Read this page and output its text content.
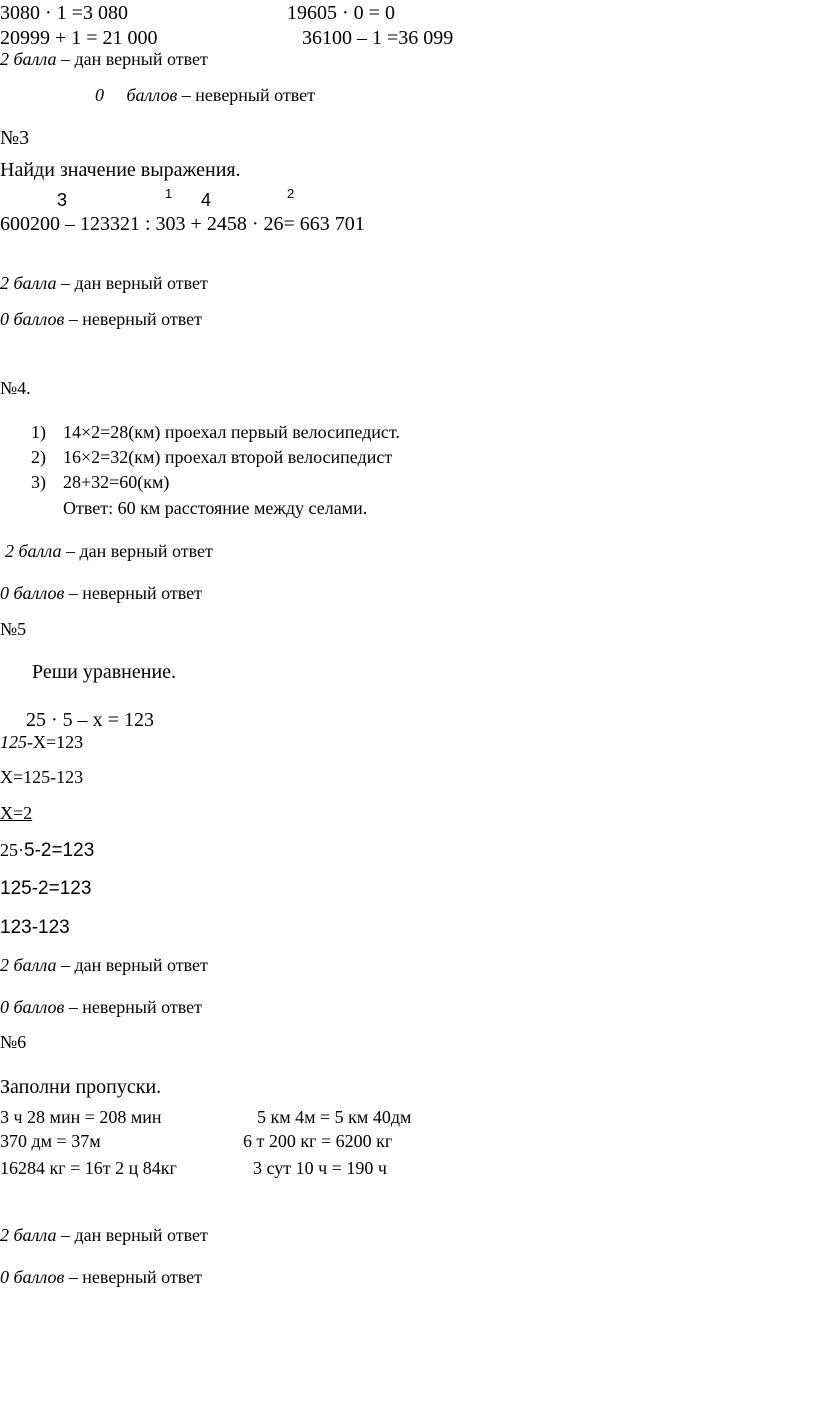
3080 · 1 =3 080	19605 · 0 = 0
20999 + 1 = 21 000	36100 – 1 =36 099
2 балла – дан верный ответ
0     баллов – неверный ответ
№3
Найди значение выражения.
3	1 4	2
600200 – 123321 : 303 + 2458 · 26= 663 701
2 балла – дан верный ответ
0 баллов – неверный ответ
№4.
1) 14×2=28(км) проехал первый велосипедист.
2) 16×2=32(км) проехал второй велосипедист
3) 28+32=60(км)
Ответ: 60 км расстояние между селами.
2 балла – дан верный ответ
0 баллов – неверный ответ
№5
Реши уравнение.
25 · 5 – х = 123
125-Х=123
Х=125-123
Х=2
25·5-2=123
125-2=123
123-123
2 балла – дан верный ответ
0 баллов – неверный ответ
№6
Заполни пропуски.
3 ч 28 мин = 208 мин	5 км 4м = 5 км 40дм
370 дм = 37м	6 т 200 кг = 6200 кг
16284 кг = 16т 2 ц 84кг	3 сут 10 ч = 190 ч
2 балла – дан верный ответ
0 баллов – неверный ответ
